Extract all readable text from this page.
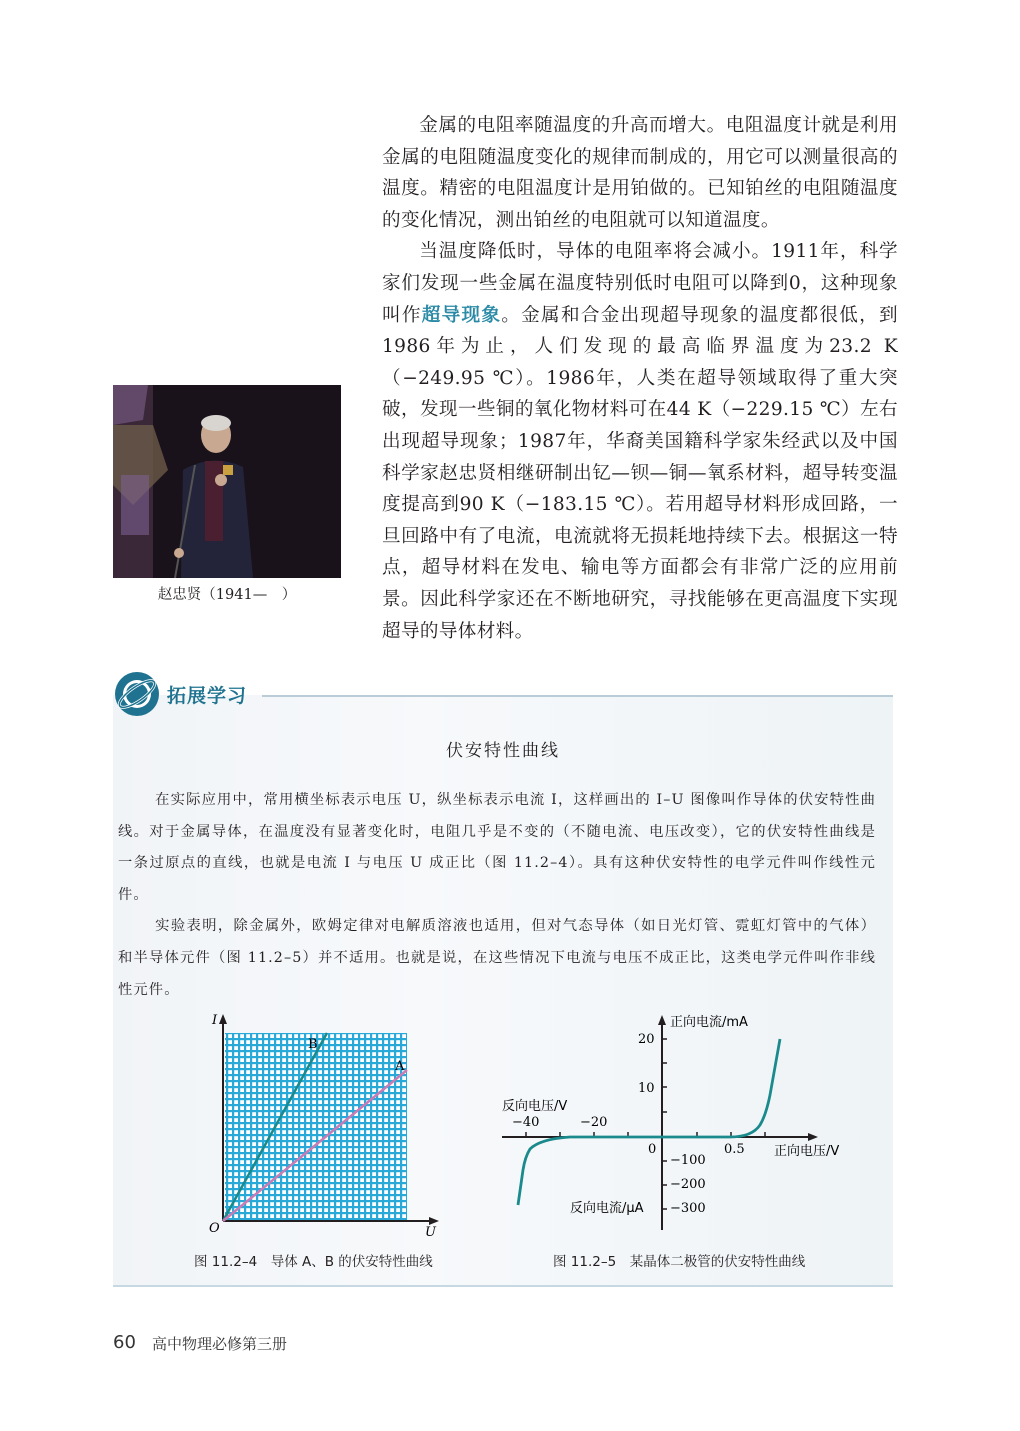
金属的电阻率随温度的升高而增大。电阻温度计就是利用金属的电阻随温度变化的规律而制成的，用它可以测量很高的温度。精密的电阻温度计是用铂做的。已知铂丝的电阻随温度的变化情况，测出铂丝的电阻就可以知道温度。

当温度降低时，导体的电阻率将会减小。1911年，科学家们发现一些金属在温度特别低时电阻可以降到0，这种现象叫作超导现象。金属和合金出现超导现象的温度都很低，到1986年为止，人们发现的最高临界温度为23.2 K（−249.95 ℃）。1986年，人类在超导领域取得了重大突破，发现一些铜的氧化物材料可在44 K（−229.15 ℃）左右出现超导现象；1987年，华裔美国籍科学家朱经武以及中国科学家赵忠贤相继研制出钇—钡—铜—氧系材料，超导转变温度提高到90 K（−183.15 ℃）。若用超导材料形成回路，一旦回路中有了电流，电流就将无损耗地持续下去。根据这一特点，超导材料在发电、输电等方面都会有非常广泛的应用前景。因此科学家还在不断地研究，寻找能够在更高温度下实现超导的导体材料。

赵忠贤（1941—　）
拓展学习
伏安特性曲线

在实际应用中，常用横坐标表示电压 U，纵坐标表示电流 I，这样画出的 I–U 图像叫作导体的伏安特性曲线。对于金属导体，在温度没有显著变化时，电阻几乎是不变的（不随电流、电压改变），它的伏安特性曲线是一条过原点的直线，也就是电流 I 与电压 U 成正比（图 11.2–4）。具有这种伏安特性的电学元件叫作线性元件。

实验表明，除金属外，欧姆定律对电解质溶液也适用，但对气态导体（如日光灯管、霓虹灯管中的气体）和半导体元件（图 11.2–5）并不适用。也就是说，在这些情况下电流与电压不成正比，这类电学元件叫作非线性元件。

I
O	U
B
A
图 11.2–4　导体 A、B 的伏安特性曲线
正向电流/mA
20
10
反向电压/V
−40	−20
0	0.5 正向电压/V
−100
−200
反向电流/μA −300
图 11.2–5　某晶体二极管的伏安特性曲线
60 高中物理必修第三册
